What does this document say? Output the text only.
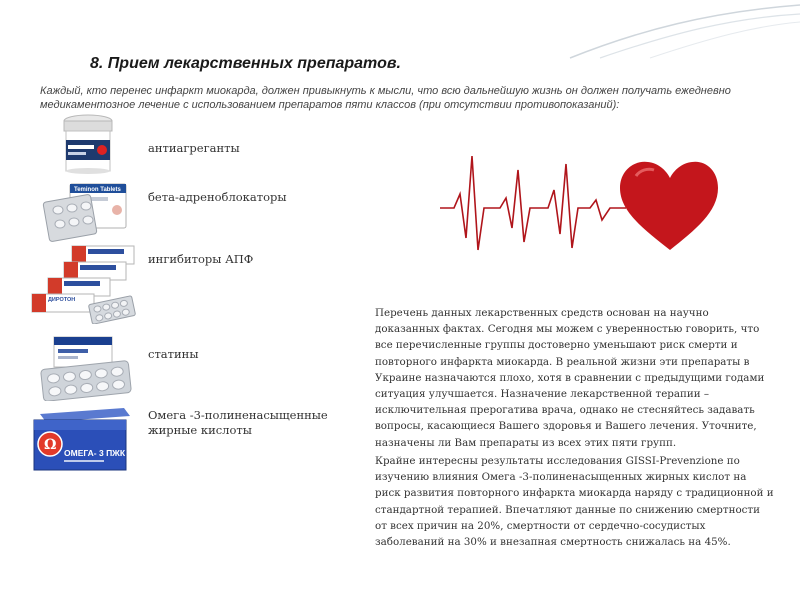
8. Прием лекарственных препаратов.
Каждый, кто перенес инфаркт миокарда, должен привыкнуть к мысли, что всю дальнейшую жизнь он должен получать ежедневно медикаментозное лечение с использованием препаратов пяти классов (при отсутствии противопоказаний):
антиагреганты
Teminon Tablets бета-адреноблокаторы
ДИРОТОН
ингибиторы АПФ
статины
Ω ОМЕГА- 3 ПЖК
Омега -3-полиненасыщенные жирные кислоты
Перечень данных лекарственных средств основан на научно доказанных фактах. Сегодня мы можем с уверенностью говорить, что все перечисленные группы достоверно уменьшают риск смерти и повторного инфаркта миокарда. В реальной жизни эти препараты в Украине назначаются плохо, хотя в сравнении с предыдущими годами ситуация улучшается. Назначение лекарственной терапии – исключительная прерогатива врача, однако не стесняйтесь задавать вопросы, касающиеся Вашего здоровья и Вашего лечения. Уточните, назначены ли Вам препараты из всех этих пяти групп.
Крайне интересны результаты исследования GISSI-Prevenzione по изучению влияния Омега -3-полиненасыщенных жирных кислот на риск развития повторного инфаркта миокарда наряду с традиционной и стандартной терапией. Впечатляют данные по снижению смертности от всех причин на 20%, смертности от сердечно-сосудистых заболеваний на 30% и внезапная смертность снижалась на 45%.
